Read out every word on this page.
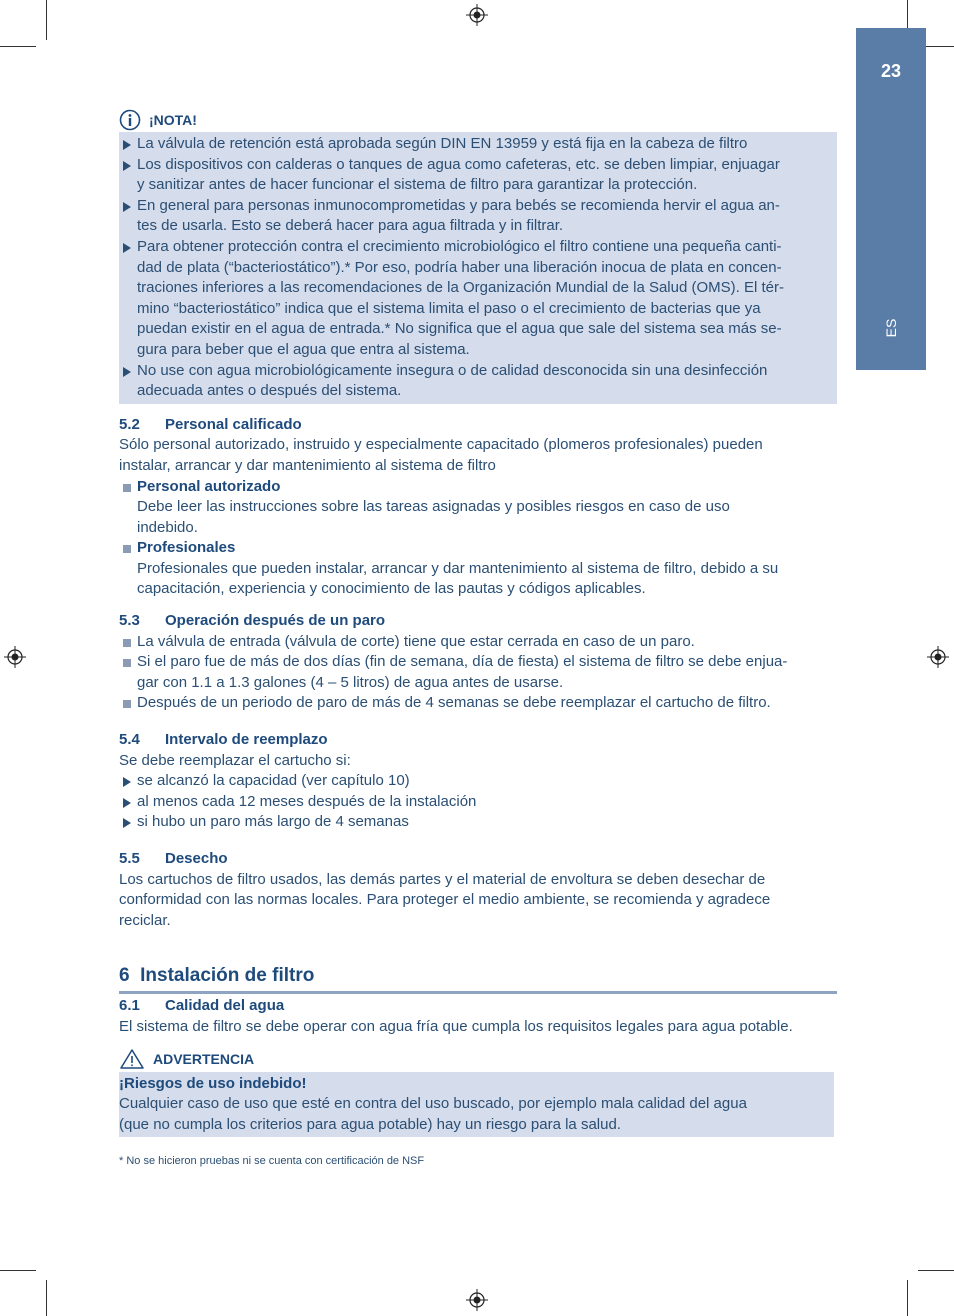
23
ES
¡NOTA!
La válvula de retención está aprobada según DIN EN 13959 y está fija en la cabeza de filtro
Los dispositivos con calderas o tanques de agua como cafeteras, etc. se deben limpiar, enjuagar
y sanitizar antes de hacer funcionar el sistema de filtro para garantizar la protección.
En general para personas inmunocomprometidas y para bebés se recomienda hervir el agua an-
tes de usarla. Esto se deberá hacer para agua filtrada y in filtrar.
Para obtener protección contra el crecimiento microbiológico el filtro contiene una pequeña canti-
dad de plata (“bacteriostático”).* Por eso, podría haber una liberación inocua de plata en concen-
traciones inferiores a las recomendaciones de la Organización Mundial de la Salud (OMS). El tér-
mino “bacteriostático” indica que el sistema limita el paso o el crecimiento de bacterias que ya
puedan existir en el agua de entrada.* No significa que el agua que sale del sistema sea más se-
gura para beber que el agua que entra al sistema.
No use con agua microbiológicamente insegura o de calidad desconocida sin una desinfección
adecuada antes o después del sistema.
5.2 Personal calificado
Sólo personal autorizado, instruido y especialmente capacitado (plomeros profesionales) pueden
instalar, arrancar y dar mantenimiento al sistema de filtro
Personal autorizado
Debe leer las instrucciones sobre las tareas asignadas y posibles riesgos en caso de uso
indebido.
Profesionales
Profesionales que pueden instalar, arrancar y dar mantenimiento al sistema de filtro, debido a su
capacitación, experiencia y conocimiento de las pautas y códigos aplicables.
5.3 Operación después de un paro
La válvula de entrada (válvula de corte) tiene que estar cerrada en caso de un paro.
Si el paro fue de más de dos días (fin de semana, día de fiesta) el sistema de filtro se debe enjua-
gar con 1.1 a 1.3 galones (4 – 5 litros) de agua antes de usarse.
Después de un periodo de paro de más de 4 semanas se debe reemplazar el cartucho de filtro.
5.4 Intervalo de reemplazo
Se debe reemplazar el cartucho si:
se alcanzó la capacidad (ver capítulo 10)
al menos cada 12 meses después de la instalación
si hubo un paro más largo de 4 semanas
5.5 Desecho
Los cartuchos de filtro usados, las demás partes y el material de envoltura se deben desechar de
conformidad con las normas locales. Para proteger el medio ambiente, se recomienda y agradece
reciclar.
6 Instalación de filtro
6.1 Calidad del agua
El sistema de filtro se debe operar con agua fría que cumpla los requisitos legales para agua potable.
ADVERTENCIA
¡Riesgos de uso indebido!
Cualquier caso de uso que esté en contra del uso buscado, por ejemplo mala calidad del agua
(que no cumpla los criterios para agua potable) hay un riesgo para la salud.
* No se hicieron pruebas ni se cuenta con certificación de NSF
